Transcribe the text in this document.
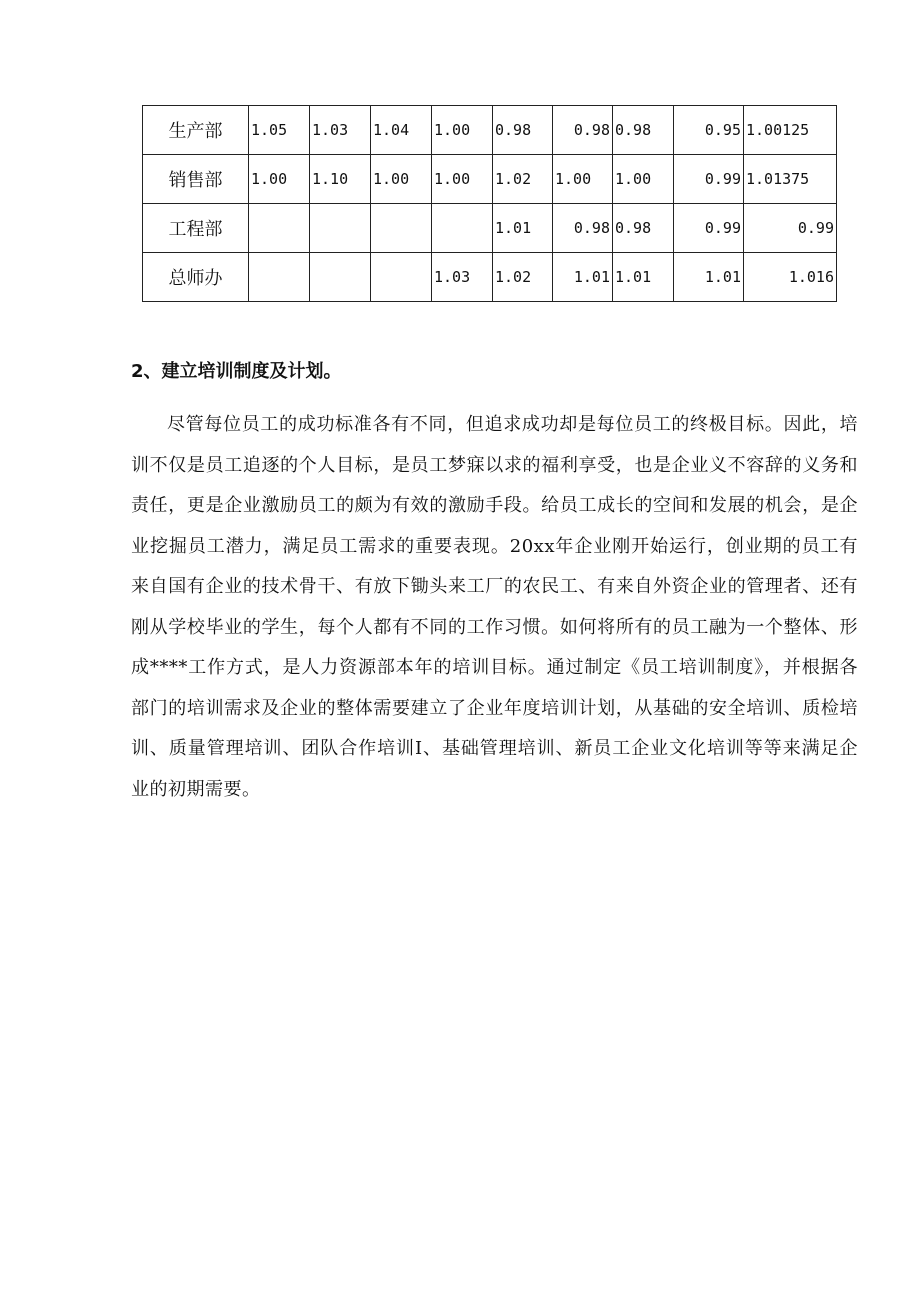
生产部	1.05	1.03	1.04	1.00	0.98	0.98	0.98	0.95	1.00125
销售部	1.00	1.10	1.00	1.00	1.02	1.00	1.00	0.99	1.01375
工程部					1.01	0.98	0.98	0.99	0.99
总师办				1.03	1.02	1.01	1.01	1.01	1.016
2、建立培训制度及计划。

尽管每位员工的成功标准各有不同，但追求成功却是每位员工的终极目标。因此，培训不仅是员工追逐的个人目标，是员工梦寐以求的福利享受，也是企业义不容辞的义务和责任，更是企业激励员工的颇为有效的激励手段。给员工成长的空间和发展的机会，是企业挖掘员工潜力，满足员工需求的重要表现。20xx年企业刚开始运行，创业期的员工有来自国有企业的技术骨干、有放下锄头来工厂的农民工、有来自外资企业的管理者、还有刚从学校毕业的学生，每个人都有不同的工作习惯。如何将所有的员工融为一个整体、形成****工作方式，是人力资源部本年的培训目标。通过制定《员工培训制度》，并根据各部门的培训需求及企业的整体需要建立了企业年度培训计划，从基础的安全培训、质检培训、质量管理培训、团队合作培训I、基础管理培训、新员工企业文化培训等等来满足企业的初期需要。
